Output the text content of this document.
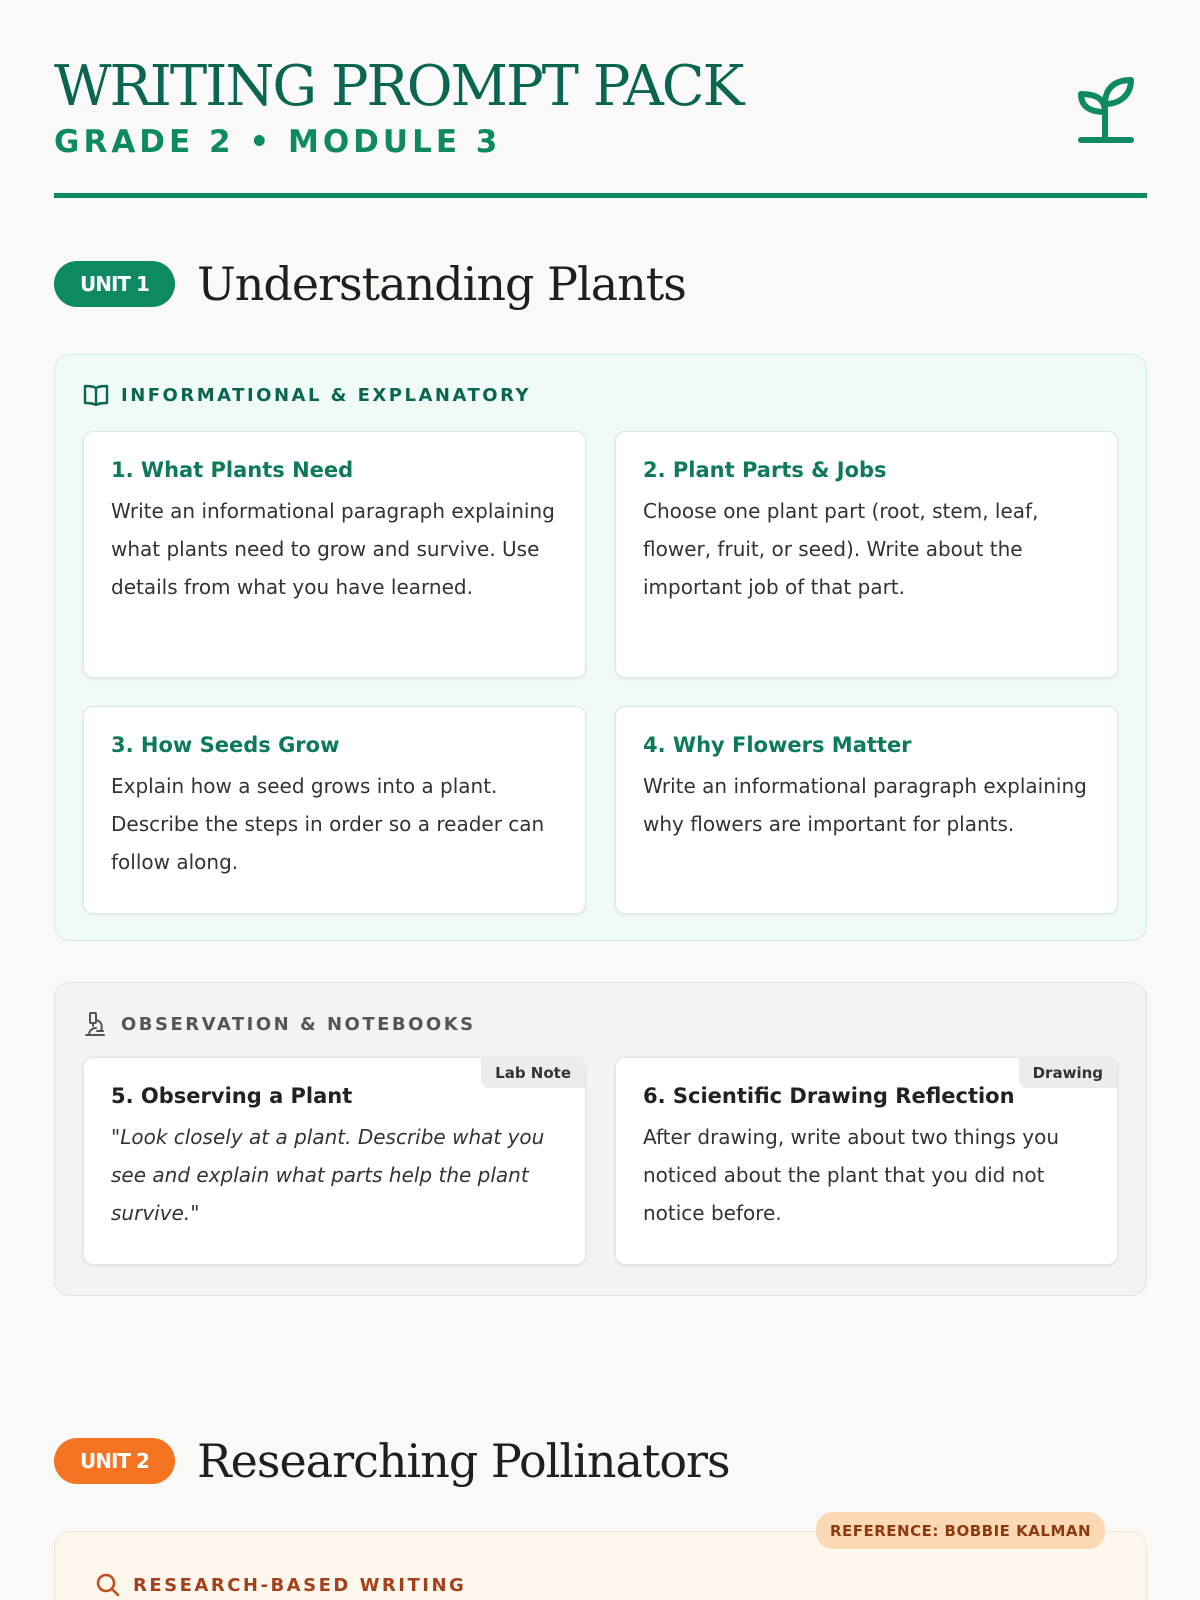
WRITING PROMPT PACK
GRADE 2 • MODULE 3
UNIT 1	Understanding Plants
INFORMATIONAL & EXPLANATORY
1. What Plants Need
Write an informational paragraph explaining what plants need to grow and survive. Use details from what you have learned.
2. Plant Parts & Jobs
Choose one plant part (root, stem, leaf, flower, fruit, or seed). Write about the important job of that part.
3. How Seeds Grow
Explain how a seed grows into a plant. Describe the steps in order so a reader can follow along.
4. Why Flowers Matter
Write an informational paragraph explaining why flowers are important for plants.
OBSERVATION & NOTEBOOKS
Lab Note
5. Observing a Plant
"Look closely at a plant. Describe what you see and explain what parts help the plant survive."
Drawing
6. Scientific Drawing Reflection
After drawing, write about two things you noticed about the plant that you did not notice before.
UNIT 2	Researching Pollinators
RESEARCH-BASED WRITING
REFERENCE: BOBBIE KALMAN
